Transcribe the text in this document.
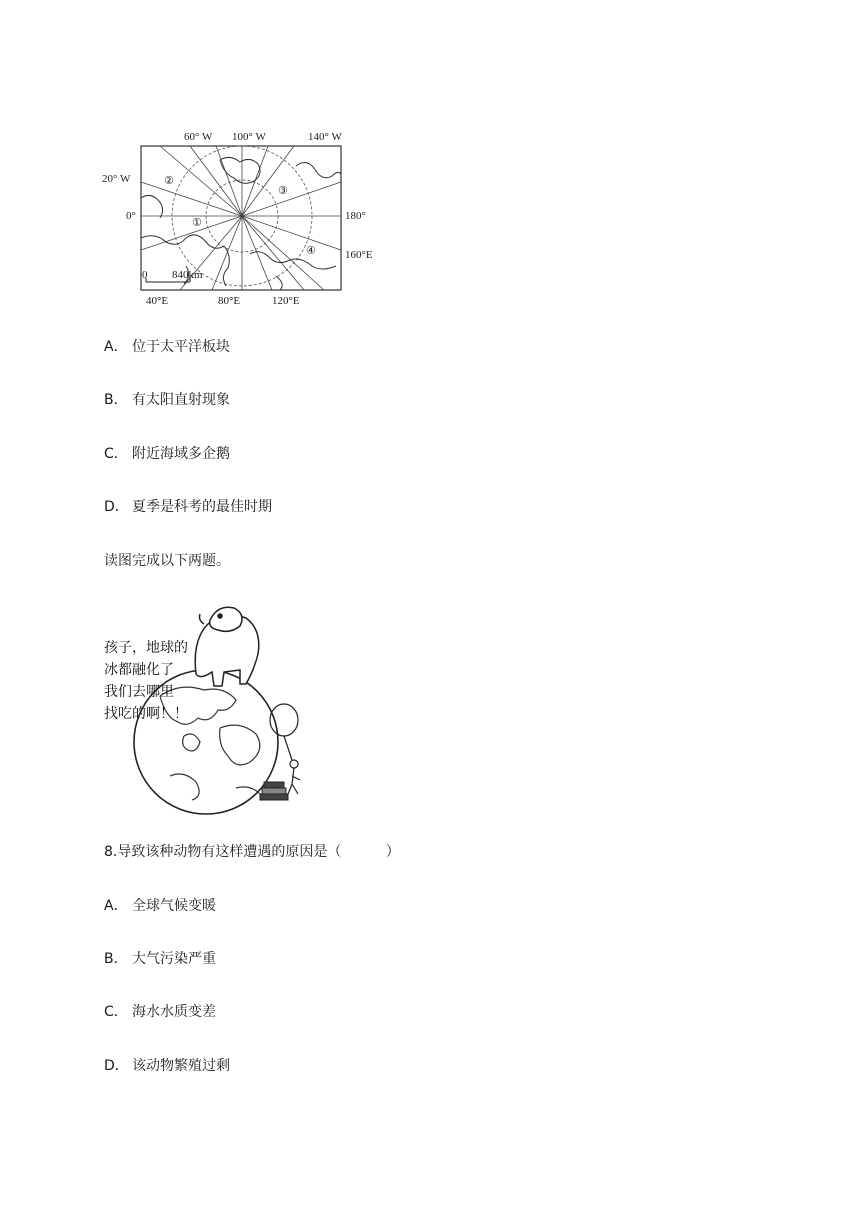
0 840km
60° W 100° W	140° W
20° W
0°	180°
160°E
40°E	80°E	120°E
①
②
③
④
A． 位于太平洋板块
B． 有太阳直射现象
C． 附近海域多企鹅
D． 夏季是科考的最佳时期
读图完成以下两题。
孩子，地球的
冰都融化了
我们去哪里
找吃的啊！！
8.导致该种动物有这样遭遇的原因是（          ）
A． 全球气候变暖
B． 大气污染严重
C． 海水水质变差
D． 该动物繁殖过剩
